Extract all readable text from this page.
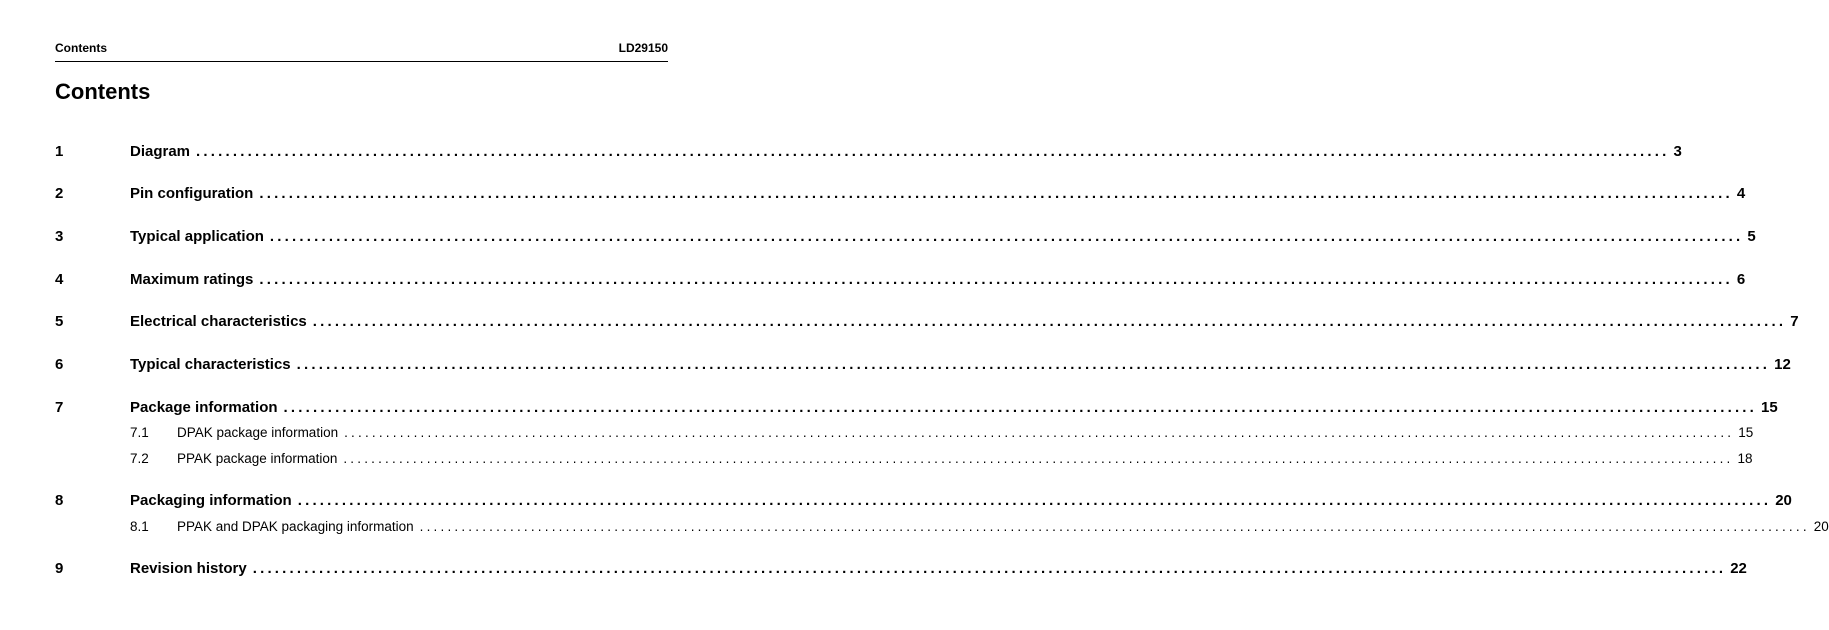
Contents	LD29150
Contents
1	Diagram ........................................................................................................................................................................................................ 3
2	Pin configuration ........................................................................................................................................................................................................ 4
3	Typical application ........................................................................................................................................................................................................ 5
4	Maximum ratings ........................................................................................................................................................................................................ 6
5	Electrical characteristics ........................................................................................................................................................................................................ 7
6	Typical characteristics ........................................................................................................................................................................................................ 12
7	Package information ........................................................................................................................................................................................................ 15
7.1 DPAK package information ........................................................................................................................................................................................................ 15
7.2 PPAK package information ........................................................................................................................................................................................................ 18
8	Packaging information ........................................................................................................................................................................................................ 20
8.1 PPAK and DPAK packaging information ........................................................................................................................................................................................................ 20
9	Revision history ........................................................................................................................................................................................................ 22
